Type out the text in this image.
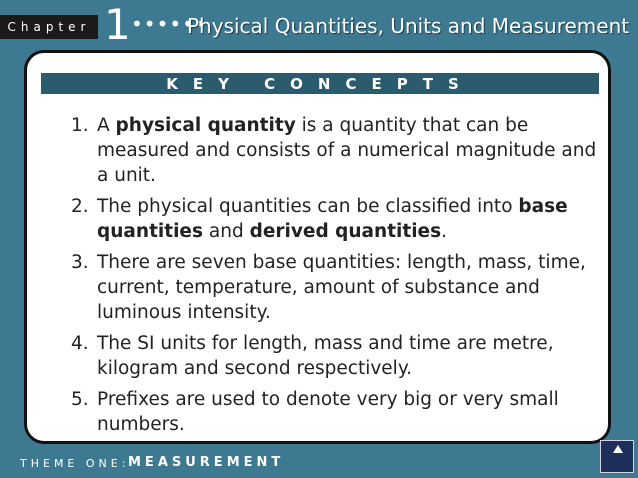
Chapter 1 ••••••
Physical Quantities, Units and Measurement
KEY CONCEPTS
1. A physical quantity is a quantity that can be measured and consists of a numerical magnitude and a unit.
2. The physical quantities can be classified into base quantities and derived quantities.
3. There are seven base quantities: length, mass, time, current, temperature, amount of substance and luminous intensity.
4. The SI units for length, mass and time are metre, kilogram and second respectively.
5. Prefixes are used to denote very big or very small numbers.
THEME ONE:
MEASUREMENT
